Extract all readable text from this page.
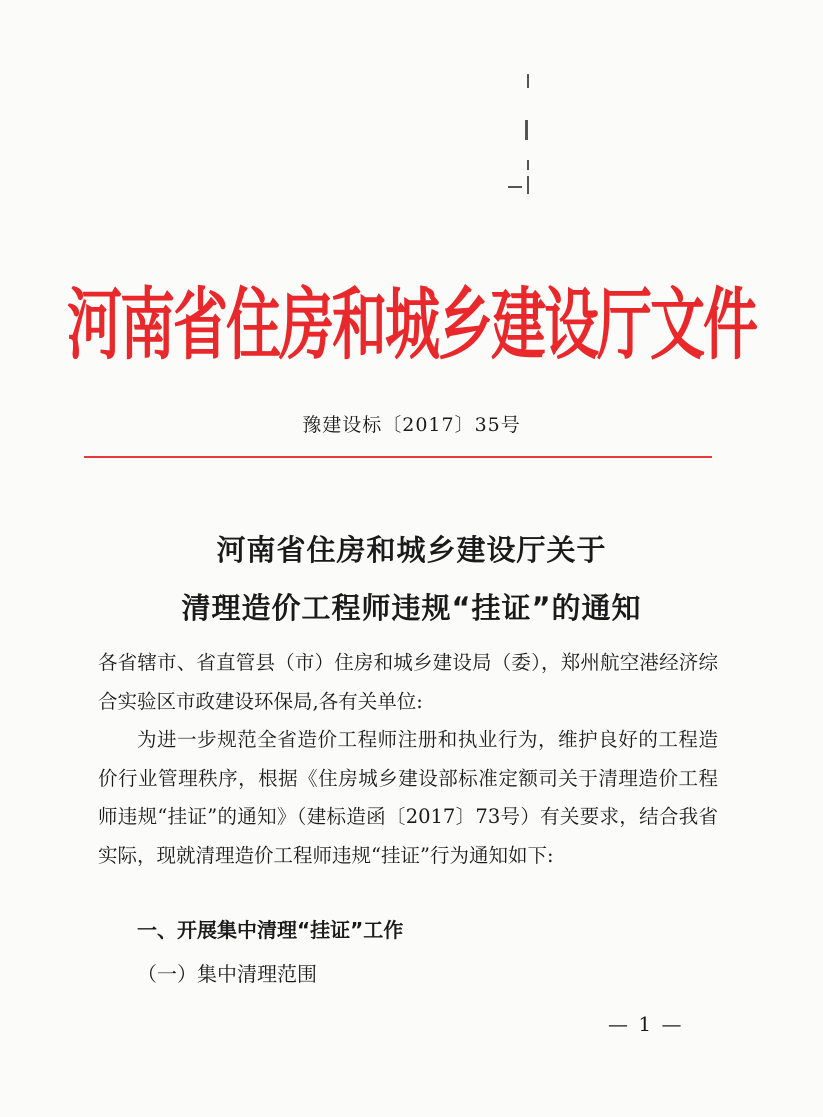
河南省住房和城乡建设厅文件
豫建设标〔2017〕35号
河南省住房和城乡建设厅关于
清理造价工程师违规“挂证”的通知
各省辖市、省直管县（市）住房和城乡建设局（委），郑州航空港经济综合实验区市政建设环保局,各有关单位:
为进一步规范全省造价工程师注册和执业行为，维护良好的工程造价行业管理秩序，根据《住房城乡建设部标准定额司关于清理造价工程师违规“挂证”的通知》（建标造函〔2017〕73号）有关要求，结合我省实际，现就清理造价工程师违规“挂证”行为通知如下:
一、开展集中清理“挂证”工作
（一）集中清理范围
— 1 —
